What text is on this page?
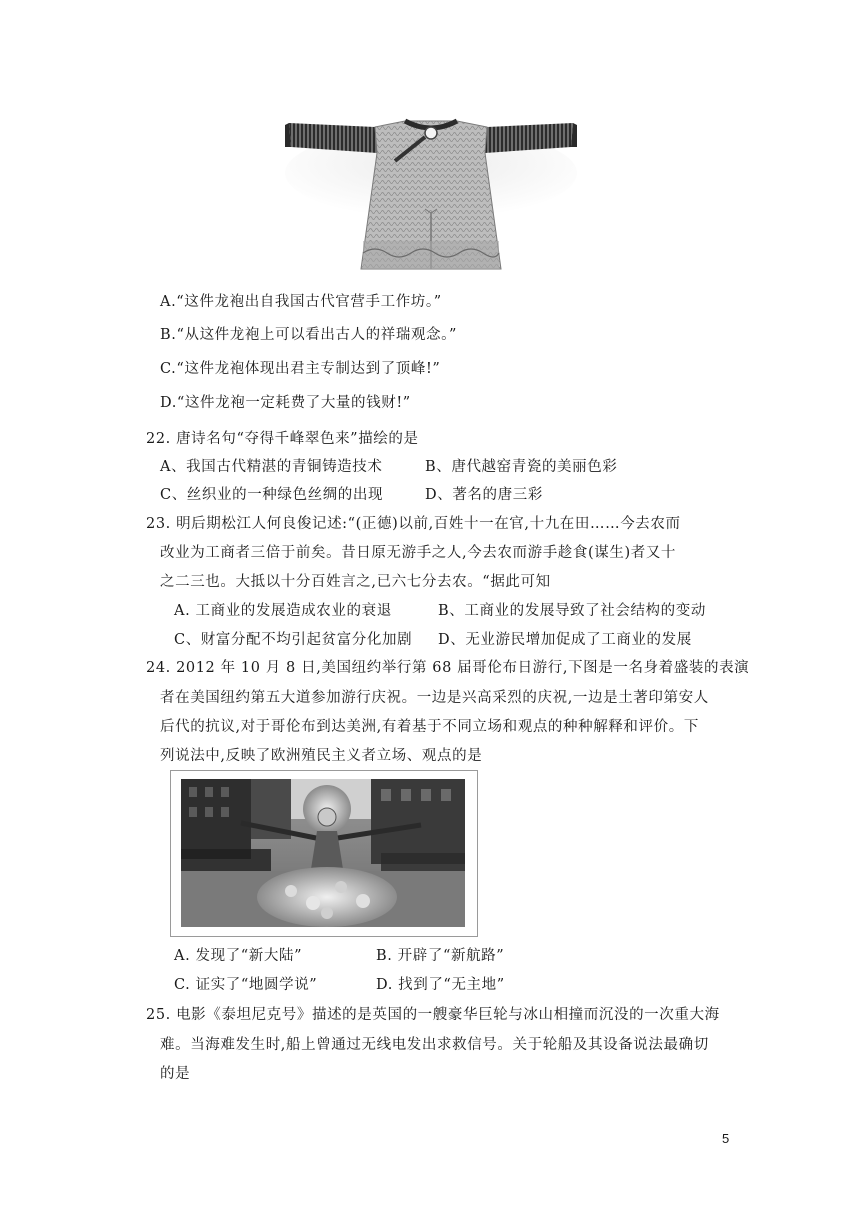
A.“这件龙袍出自我国古代官营手工作坊。”
B.“从这件龙袍上可以看出古人的祥瑞观念。”
C.“这件龙袍体现出君主专制达到了顶峰!”
D.“这件龙袍一定耗费了大量的钱财!”
22. 唐诗名句“夺得千峰翠色来”描绘的是
A、我国古代精湛的青铜铸造技术	B、唐代越窑青瓷的美丽色彩
C、丝织业的一种绿色丝绸的出现	D、著名的唐三彩
23. 明后期松江人何良俊记述:“(正德)以前,百姓十一在官,十九在田……今去农而
改业为工商者三倍于前矣。昔日原无游手之人,今去农而游手趁食(谋生)者又十
之二三也。大抵以十分百姓言之,已六七分去农。“据此可知
A. 工商业的发展造成农业的衰退	B、工商业的发展导致了社会结构的变动
C、财富分配不均引起贫富分化加剧 D、无业游民增加促成了工商业的发展
24. 2012 年 10 月 8 日,美国纽约举行第 68 届哥伦布日游行,下图是一名身着盛装的表演
者在美国纽约第五大道参加游行庆祝。一边是兴高采烈的庆祝,一边是土著印第安人
后代的抗议,对于哥伦布到达美洲,有着基于不同立场和观点的种种解释和评价。下
列说法中,反映了欧洲殖民主义者立场、观点的是
A. 发现了“新大陆”	B. 开辟了“新航路”
C. 证实了“地圆学说”	D. 找到了“无主地”
25. 电影《泰坦尼克号》描述的是英国的一艘豪华巨轮与冰山相撞而沉没的一次重大海
难。当海难发生时,船上曾通过无线电发出求救信号。关于轮船及其设备说法最确切
的是
5
